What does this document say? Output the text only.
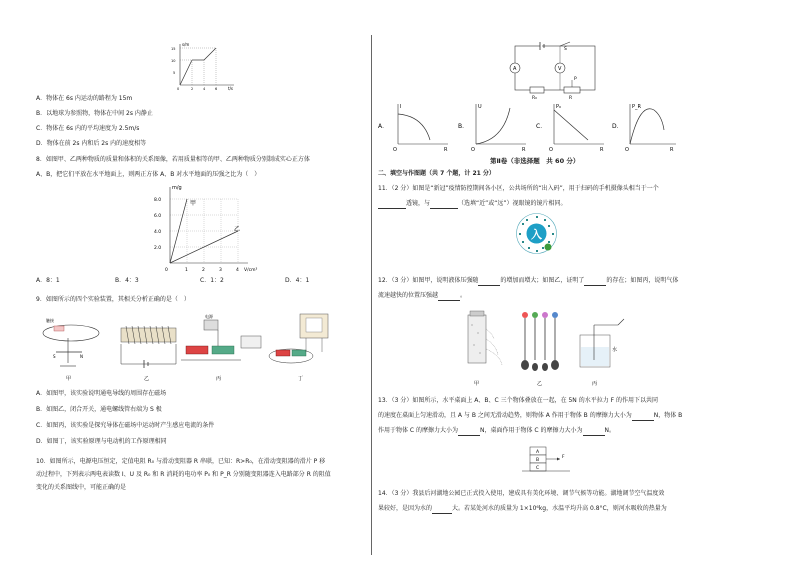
s/m
t/s
15
10
5
0	2	4	6
A．物体在 6s 内运动的路程为 15m
B．以地球为参照物，物体在中间 2s 内静止
C．物体在 6s 内的平均速度为 2.5m/s
D．物体在前 2s 内和后 2s 内的速度相等
8．如图甲、乙两种物质的质量和体积的关系图像，若用质量相等的甲、乙两种物质分别制成实心正方体
A、B，把它们平放在水平地面上，则两正方体 A、B 对水平地面的压强之比为（　）
m/g
甲
乙
8.0
6.0
4.0
2.0
0	1	2	3	4 V/cm³
A．8：1	B．4：3	C．1：2	D．4：1
9．如图所示的四个实验装置，其相关分析正确的是（　）
触接
S	N
电源
甲	乙	丙	丁
A．如图甲，该实验说明通电导线的周围存在磁场
B．如图乙，闭合开关，通电螺线管右端为 S 极
C．如图丙，该实验是探究导体在磁场中运动时产生感应电流的条件
D．如图丁，该实验原理与电动机的工作原理相同
10．如图所示，电源电压恒定，定值电阻 R₀ 与滑动变阻器 R 串联，已知：R>R₀，在滑动变阻器的滑片 P 移
动过程中，下列表示两电表读数 I、U 及 R₀ 和 R 消耗的电功率 P₀ 和 P_R 分别随变阻器连入电路部分 R 的阻值
变化的关系图线中，可能正确的是
A	V
R₀	R
S
P
A．
I
O	R
B．
U
O	R
C．
P₀
O	R
D．
P_R
O	R
第Ⅱ卷（非选择题　共 60 分）
二、填空与作图题（共 7 个题，计 21 分）
11．（2 分）如图是“新冠”疫情防控期间各小区，公共场所的“出入码”，用于扫码的手机摄像头相当于一个
透镜，与	（选填“近”或“远”）视眼镜的镜片相同。
入
12．（3 分）如图甲，说明液体压强随	的增加而增大；如图乙，证明了	的存在；如图丙，说明气体
流速越快的位置压强越	。
水
甲	乙	丙
13．（3 分）如图所示，水平桌面上 A、B、C 三个物体叠放在一起，在 5N 的水平拉力 F 的作用下以共同
的速度在桌面上匀速滑动，且 A 与 B 之间无滑动趋势，则物体 A 作用于物体 B 的摩擦力大小为	N，物体 B
作用于物体 C 的摩擦力大小为	N，桌面作用于物体 C 的摩擦力大小为	N。
A
B
C
F
14．（3 分）我县后河湖地公园已正式投入使用，建成具有美化环境、调节气候等功能。湖地调节空气温度效
果较好，是因为水的	大。若某处河水的质量为 1×10⁶kg，水温平均升高 0.8°C，则河水吸收的热量为
